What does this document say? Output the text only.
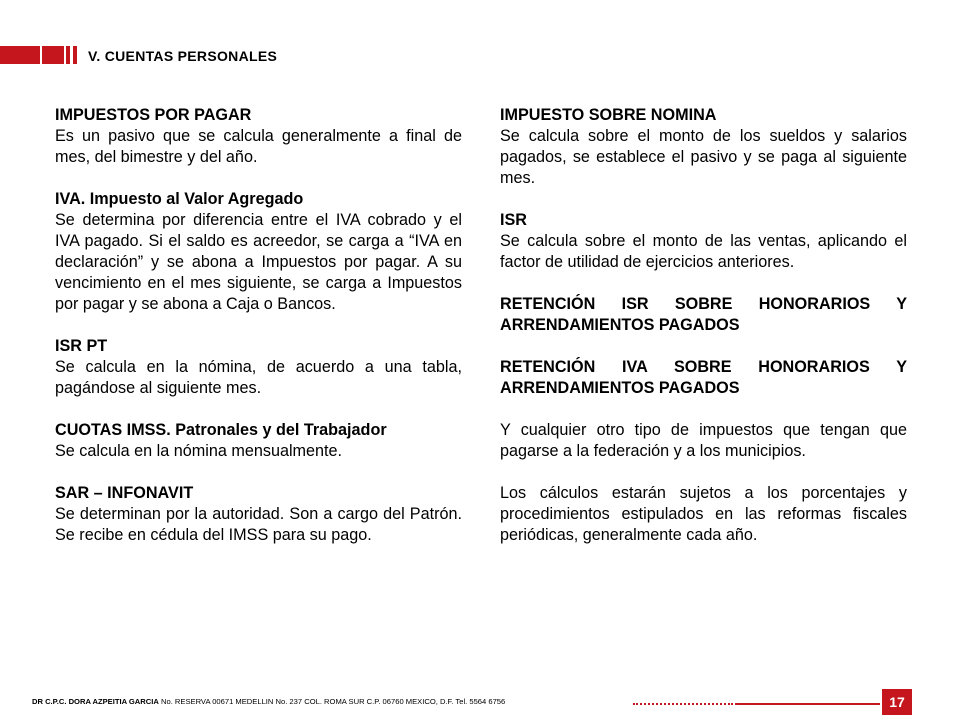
V. CUENTAS PERSONALES
IMPUESTOS POR PAGAR

Es un pasivo que se calcula generalmente a final de mes, del bimestre y del año.

IVA. Impuesto al Valor Agregado

Se determina por diferencia entre el IVA cobrado y el IVA pagado. Si el saldo es acreedor, se carga a “IVA en declaración” y se abona a Impuestos por pagar. A su vencimiento en el mes siguiente, se carga a Impuestos por pagar y se abona a Caja o Bancos.

ISR PT

Se calcula en la nómina, de acuerdo a una tabla, pagándose al siguiente mes.

CUOTAS IMSS. Patronales y del Trabajador

Se calcula en la nómina mensualmente.

SAR – INFONAVIT

Se determinan por la autoridad. Son a cargo del Patrón. Se recibe en cédula del IMSS para su pago.

IMPUESTO SOBRE NOMINA

Se calcula sobre el monto de los sueldos y salarios pagados, se establece el pasivo y se paga al siguiente mes.

ISR

Se calcula sobre el monto de las ventas, aplicando el factor de utilidad de ejercicios anteriores.

RETENCIÓN ISR SOBRE HONORARIOS Y ARRENDAMIENTOS PAGADOS
RETENCIÓN IVA SOBRE HONORARIOS Y ARRENDAMIENTOS PAGADOS

Y cualquier otro tipo de impuestos que tengan que pagarse a la federación y a los municipios.

Los cálculos estarán sujetos a los porcentajes y procedimientos estipulados en las reformas fiscales periódicas, generalmente cada año.

DR C.P.C. DORA AZPEITIA GARCIA No. RESERVA 00671 MEDELLIN No. 237 COL. ROMA SUR C.P. 06760 MEXICO, D.F. Tel. 5564 6756	17
